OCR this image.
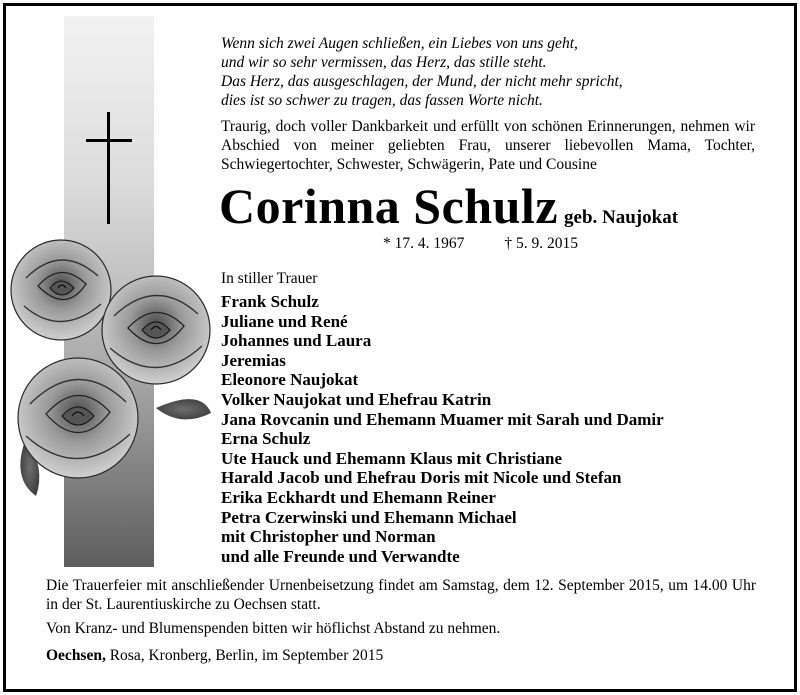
Wenn sich zwei Augen schließen, ein Liebes von uns geht,
und wir so sehr vermissen, das Herz, das stille steht.
Das Herz, das ausgeschlagen, der Mund, der nicht mehr spricht,
dies ist so schwer zu tragen, das fassen Worte nicht.

Traurig, doch voller Dankbarkeit und erfüllt von schönen Erinnerungen, nehmen wir Abschied von meiner geliebten Frau, unserer liebevollen Mama, Tochter, Schwiegertochter, Schwester, Schwägerin, Pate und Cousine

Corinna Schulz geb. Naujokat
* 17. 4. 1967	† 5. 9. 2015
In stiller Trauer
Frank Schulz
Juliane und René
Johannes und Laura
Jeremias
Eleonore Naujokat
Volker Naujokat und Ehefrau Katrin
Jana Rovcanin und Ehemann Muamer mit Sarah und Damir
Erna Schulz
Ute Hauck und Ehemann Klaus mit Christiane
Harald Jacob und Ehefrau Doris mit Nicole und Stefan
Erika Eckhardt und Ehemann Reiner
Petra Czerwinski und Ehemann Michael
mit Christopher und Norman
und alle Freunde und Verwandte

Die Trauerfeier mit anschließender Urnenbeisetzung findet am Samstag, dem 12. September 2015, um 14.00 Uhr in der St. Laurentiuskirche zu Oechsen statt.

Von Kranz- und Blumenspenden bitten wir höflichst Abstand zu nehmen.

Oechsen, Rosa, Kronberg, Berlin, im September 2015
